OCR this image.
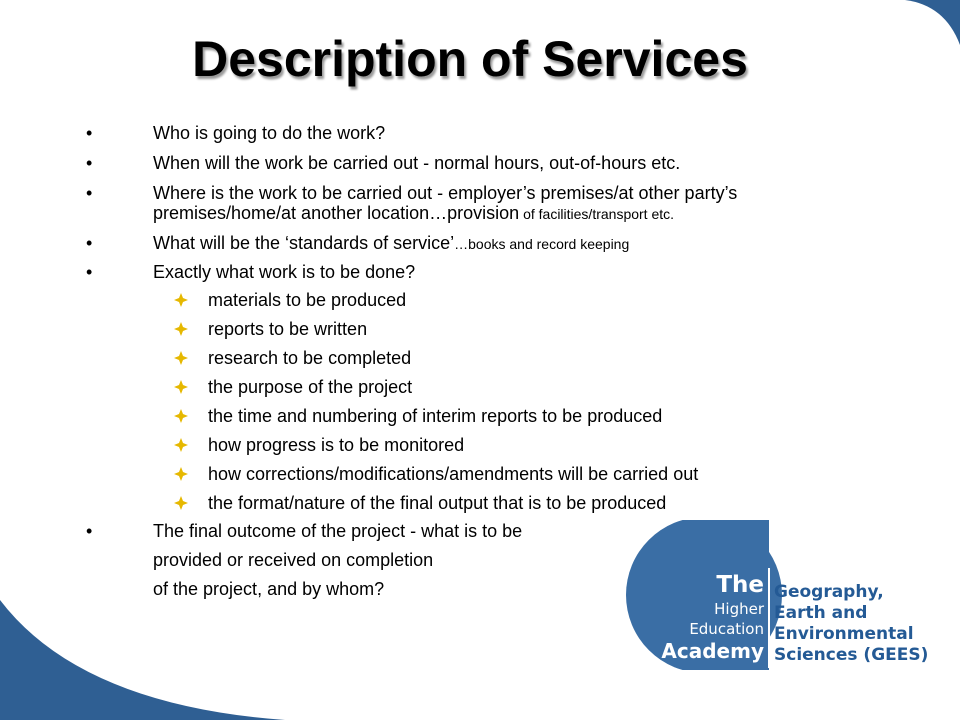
Description of Services
•	Who is going to do the work?
•	When will the work be carried out - normal hours, out-of-hours etc.
•	Where is the work to be carried out - employer’s premises/at other party’s
premises/home/at another location…provision of facilities/transport etc.
•	What will be the ‘standards of service’…books and record keeping
•	Exactly what work is to be done?
materials to be produced
reports to be written
research to be completed
the purpose of the project
the time and numbering of interim reports to be produced
how progress is to be monitored
how corrections/modifications/amendments will be carried out
the format/nature of the final output that is to be produced
•	The final outcome of the project - what is to be
provided or received on completion
of the project, and by whom?	The
Higher
Education
Academy
Geography,
Earth and
Environmental
Sciences (GEES)
